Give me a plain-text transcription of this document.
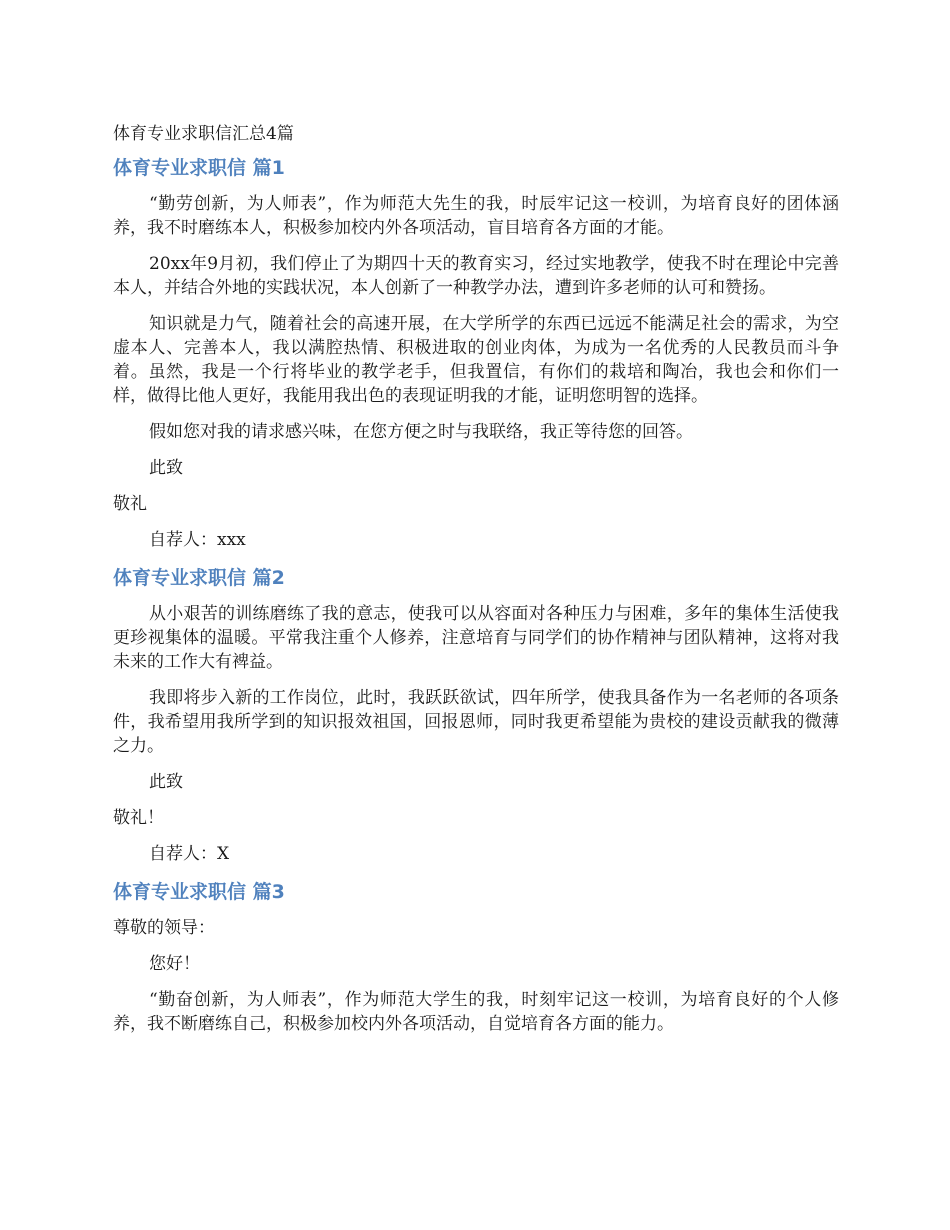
体育专业求职信汇总4篇
体育专业求职信 篇1

“勤劳创新，为人师表”，作为师范大先生的我，时辰牢记这一校训，为培育良好的团体涵养，我不时磨练本人，积极参加校内外各项活动，盲目培育各方面的才能。

20xx年9月初，我们停止了为期四十天的教育实习，经过实地教学，使我不时在理论中完善本人，并结合外地的实践状况，本人创新了一种教学办法，遭到许多老师的认可和赞扬。

知识就是力气，随着社会的高速开展，在大学所学的东西已远远不能满足社会的需求，为空虚本人、完善本人，我以满腔热情、积极进取的创业肉体，为成为一名优秀的人民教员而斗争着。虽然，我是一个行将毕业的教学老手，但我置信，有你们的栽培和陶冶，我也会和你们一样，做得比他人更好，我能用我出色的表现证明我的才能，证明您明智的选择。

假如您对我的请求感兴味，在您方便之时与我联络，我正等待您的回答。

此致

敬礼

自荐人：xxx

体育专业求职信 篇2

从小艰苦的训练磨练了我的意志，使我可以从容面对各种压力与困难，多年的集体生活使我更珍视集体的温暖。平常我注重个人修养，注意培育与同学们的协作精神与团队精神，这将对我未来的工作大有裨益。

我即将步入新的工作岗位，此时，我跃跃欲试，四年所学，使我具备作为一名老师的各项条件，我希望用我所学到的知识报效祖国，回报恩师，同时我更希望能为贵校的建设贡献我的微薄之力。

此致

敬礼！

自荐人：X

体育专业求职信 篇3

尊敬的领导：

您好！

“勤奋创新，为人师表”，作为师范大学生的我，时刻牢记这一校训，为培育良好的个人修养，我不断磨练自己，积极参加校内外各项活动，自觉培育各方面的能力。
